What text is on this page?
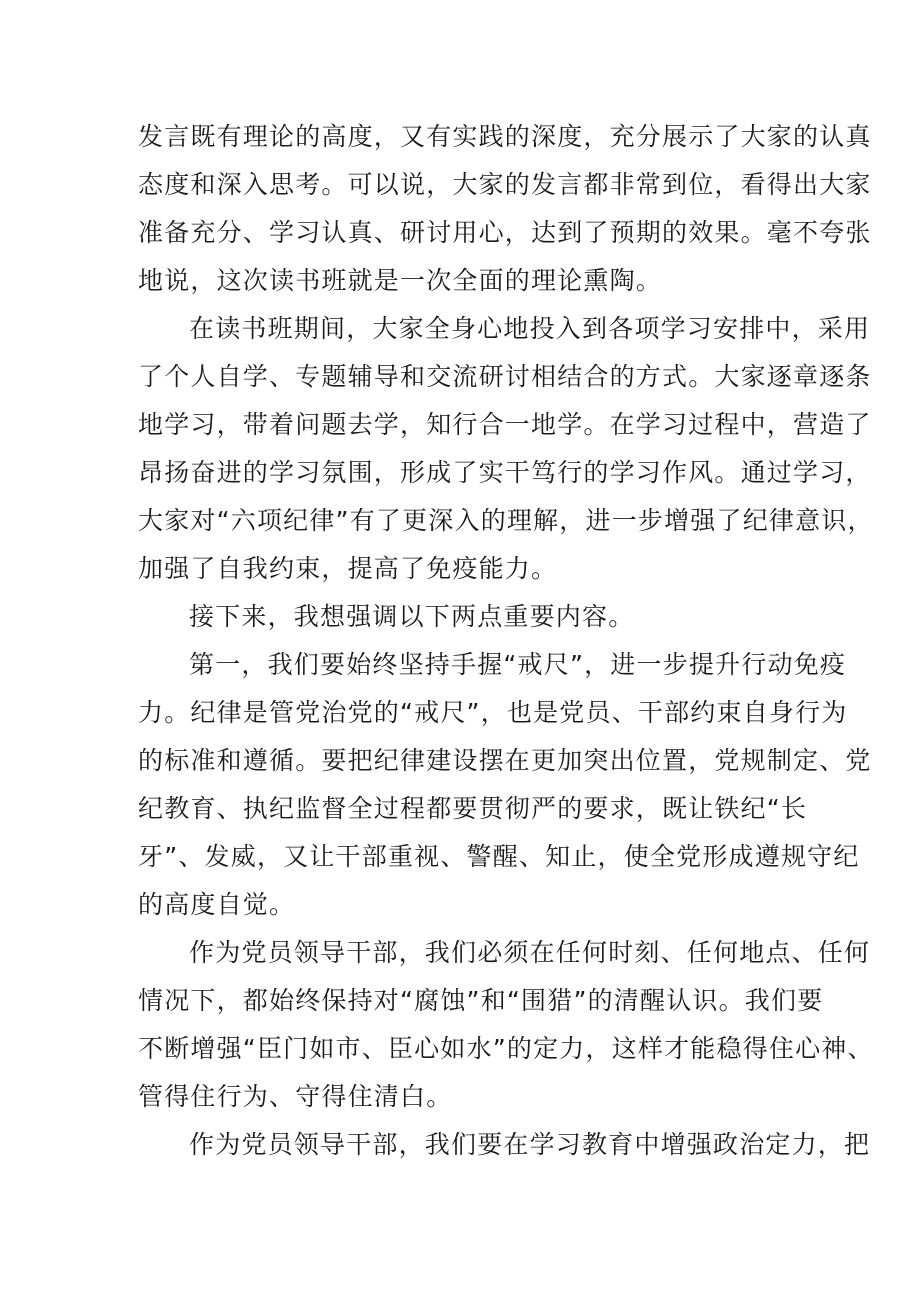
发言既有理论的高度，又有实践的深度，充分展示了大家的认真

态度和深入思考。可以说，大家的发言都非常到位，看得出大家

准备充分、学习认真、研讨用心，达到了预期的效果。毫不夸张

地说，这次读书班就是一次全面的理论熏陶。

在读书班期间，大家全身心地投入到各项学习安排中，采用

了个人自学、专题辅导和交流研讨相结合的方式。大家逐章逐条

地学习，带着问题去学，知行合一地学。在学习过程中，营造了

昂扬奋进的学习氛围，形成了实干笃行的学习作风。通过学习，

大家对“六项纪律”有了更深入的理解，进一步增强了纪律意识，

加强了自我约束，提高了免疫能力。

接下来，我想强调以下两点重要内容。

第一，我们要始终坚持手握“戒尺”，进一步提升行动免疫

力。纪律是管党治党的“戒尺”，也是党员、干部约束自身行为

的标准和遵循。要把纪律建设摆在更加突出位置，党规制定、党

纪教育、执纪监督全过程都要贯彻严的要求，既让铁纪“长

牙”、发威，又让干部重视、警醒、知止，使全党形成遵规守纪

的高度自觉。

作为党员领导干部，我们必须在任何时刻、任何地点、任何

情况下，都始终保持对“腐蚀”和“围猎”的清醒认识。我们要

不断增强“臣门如市、臣心如水”的定力，这样才能稳得住心神、

管得住行为、守得住清白。

作为党员领导干部，我们要在学习教育中增强政治定力，把
